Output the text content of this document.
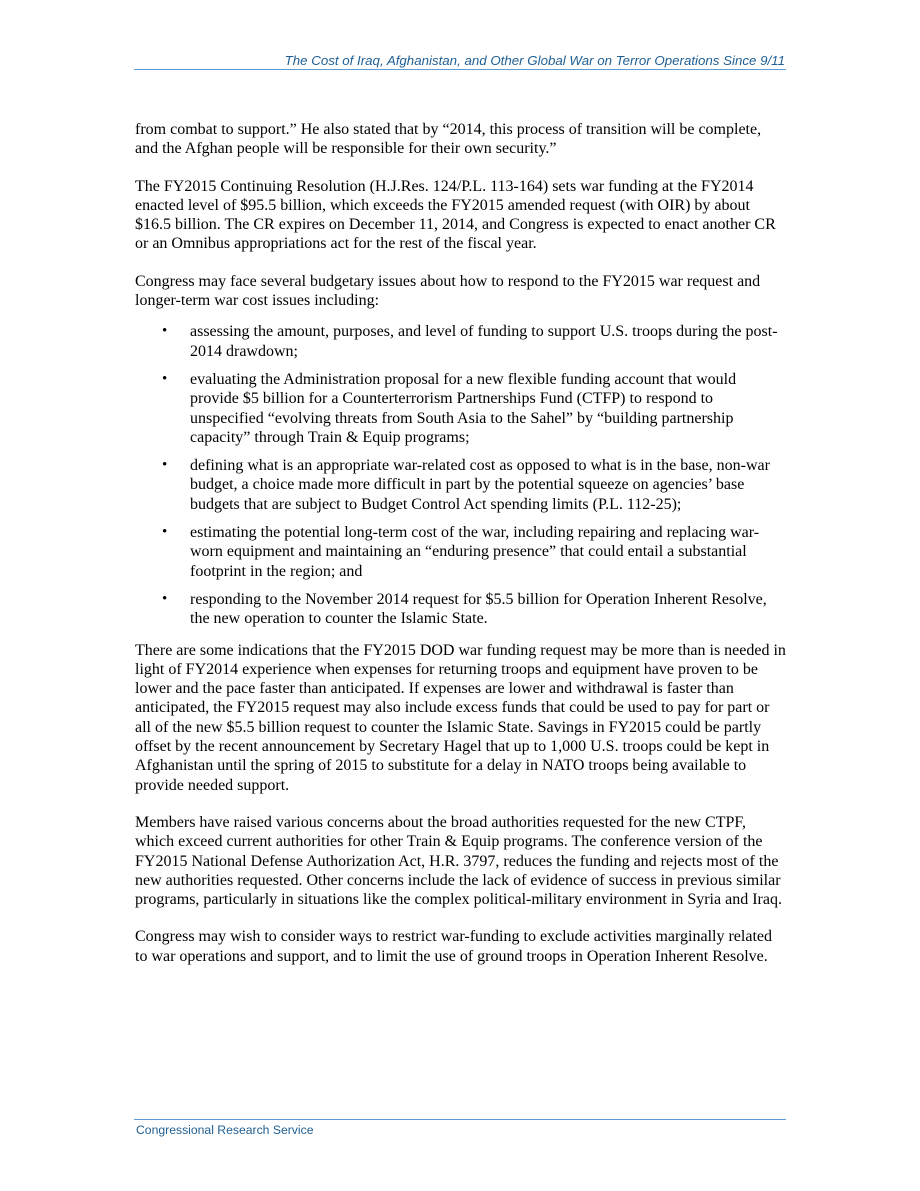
The Cost of Iraq, Afghanistan, and Other Global War on Terror Operations Since 9/11

from combat to support.” He also stated that by “2014, this process of transition will be complete, and the Afghan people will be responsible for their own security.”

The FY2015 Continuing Resolution (H.J.Res. 124/P.L. 113-164) sets war funding at the FY2014 enacted level of $95.5 billion, which exceeds the FY2015 amended request (with OIR) by about $16.5 billion. The CR expires on December 11, 2014, and Congress is expected to enact another CR or an Omnibus appropriations act for the rest of the fiscal year.

Congress may face several budgetary issues about how to respond to the FY2015 war request and longer-term war cost issues including:

• assessing the amount, purposes, and level of funding to support U.S. troops during the post-2014 drawdown;
• evaluating the Administration proposal for a new flexible funding account that would provide $5 billion for a Counterterrorism Partnerships Fund (CTFP) to respond to unspecified “evolving threats from South Asia to the Sahel” by “building partnership capacity” through Train & Equip programs;
• defining what is an appropriate war-related cost as opposed to what is in the base, non-war budget, a choice made more difficult in part by the potential squeeze on agencies’ base budgets that are subject to Budget Control Act spending limits (P.L. 112-25);
• estimating the potential long-term cost of the war, including repairing and replacing war-worn equipment and maintaining an “enduring presence” that could entail a substantial footprint in the region; and
• responding to the November 2014 request for $5.5 billion for Operation Inherent Resolve, the new operation to counter the Islamic State.

There are some indications that the FY2015 DOD war funding request may be more than is needed in light of FY2014 experience when expenses for returning troops and equipment have proven to be lower and the pace faster than anticipated. If expenses are lower and withdrawal is faster than anticipated, the FY2015 request may also include excess funds that could be used to pay for part or all of the new $5.5 billion request to counter the Islamic State. Savings in FY2015 could be partly offset by the recent announcement by Secretary Hagel that up to 1,000 U.S. troops could be kept in Afghanistan until the spring of 2015 to substitute for a delay in NATO troops being available to provide needed support.

Members have raised various concerns about the broad authorities requested for the new CTPF, which exceed current authorities for other Train & Equip programs. The conference version of the FY2015 National Defense Authorization Act, H.R. 3797, reduces the funding and rejects most of the new authorities requested. Other concerns include the lack of evidence of success in previous similar programs, particularly in situations like the complex political-military environment in Syria and Iraq.

Congress may wish to consider ways to restrict war-funding to exclude activities marginally related to war operations and support, and to limit the use of ground troops in Operation Inherent Resolve.

Congressional Research Service
